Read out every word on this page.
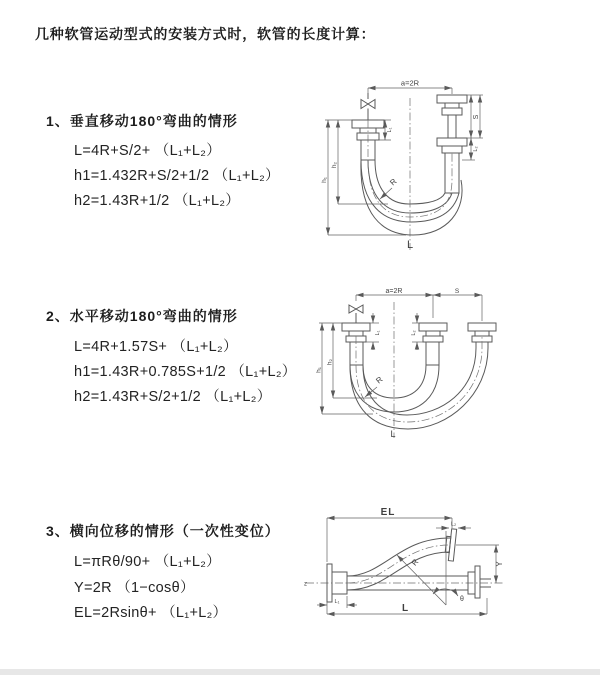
几种软管运动型式的安装方式时，软管的长度计算：
1、垂直移动180°弯曲的情形
L=4R+S/2+ （L₁+L₂）
h1=1.432R+S/2+1/2 （L₁+L₂）
h2=1.43R+1/2 （L₁+L₂）
2、水平移动180°弯曲的情形
L=4R+1.57S+ （L₁+L₂）
h1=1.43R+0.785S+1/2 （L₁+L₂）
h2=1.43R+S/2+1/2 （L₁+L₂）
3、横向位移的情形（一次性变位）
L=πRθ/90+ （L₁+L₂）
Y=2R （1−cosθ）
EL=2Rsinθ+ （L₁+L₂）
a=2R
h₁
h₂
L₁
S
L₂
R
L
a=2R	S
h₁
h₂
L₁	L₂
R
L
z
EL
L₂
Y
R
θ
L
L₁
